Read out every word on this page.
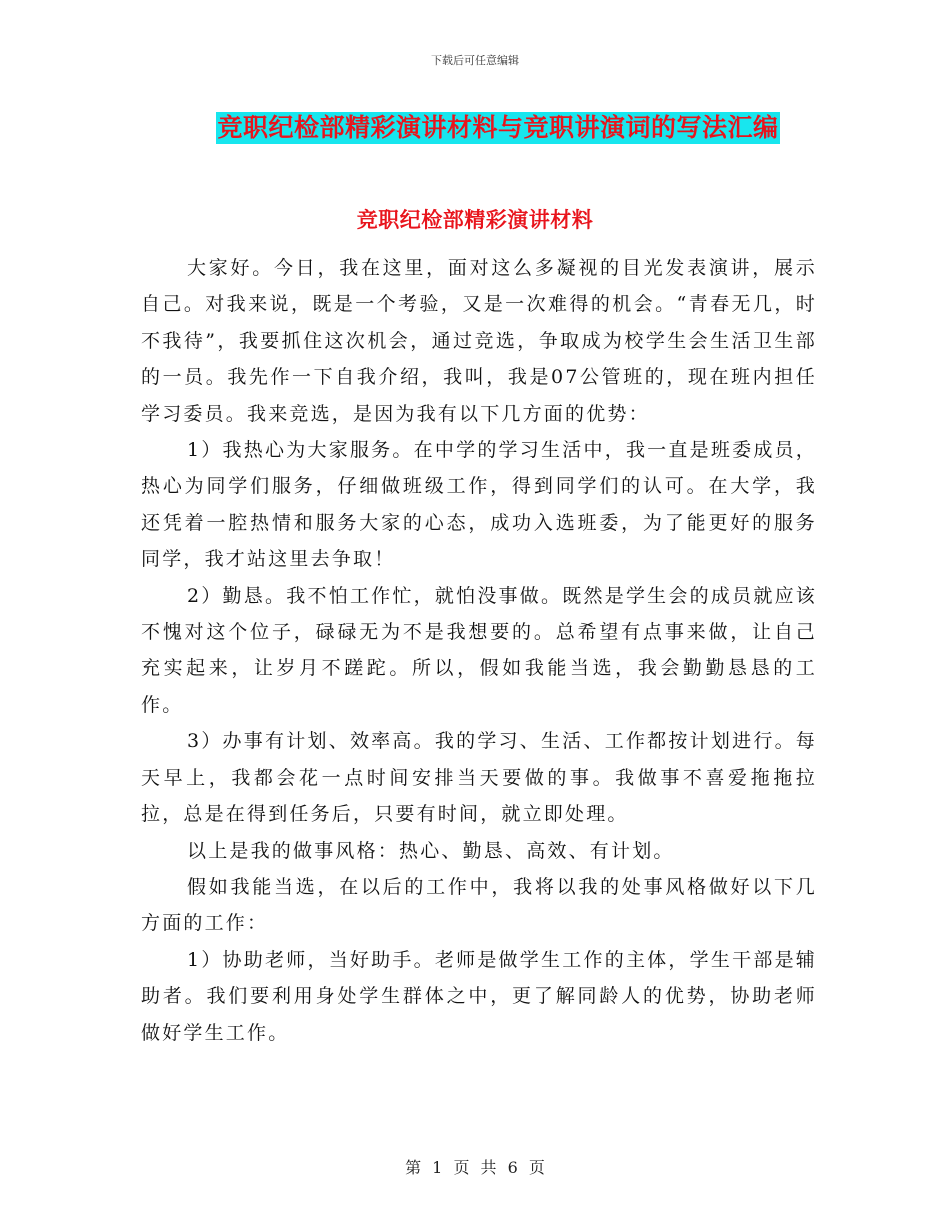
下载后可任意编辑
竞职纪检部精彩演讲材料与竞职讲演词的写法汇编
竞职纪检部精彩演讲材料

大家好。今日，我在这里，面对这么多凝视的目光发表演讲，展示自己。对我来说，既是一个考验，又是一次难得的机会。“青春无几，时不我待”，我要抓住这次机会，通过竞选，争取成为校学生会生活卫生部的一员。我先作一下自我介绍，我叫，我是07公管班的，现在班内担任学习委员。我来竞选，是因为我有以下几方面的优势：

1）我热心为大家服务。在中学的学习生活中，我一直是班委成员，热心为同学们服务，仔细做班级工作，得到同学们的认可。在大学，我还凭着一腔热情和服务大家的心态，成功入选班委，为了能更好的服务同学，我才站这里去争取！

2）勤恳。我不怕工作忙，就怕没事做。既然是学生会的成员就应该不愧对这个位子，碌碌无为不是我想要的。总希望有点事来做，让自己充实起来，让岁月不蹉跎。所以，假如我能当选，我会勤勤恳恳的工作。

3）办事有计划、效率高。我的学习、生活、工作都按计划进行。每天早上，我都会花一点时间安排当天要做的事。我做事不喜爱拖拖拉拉，总是在得到任务后，只要有时间，就立即处理。

以上是我的做事风格：热心、勤恳、高效、有计划。

假如我能当选，在以后的工作中，我将以我的处事风格做好以下几方面的工作：

1）协助老师，当好助手。老师是做学生工作的主体，学生干部是辅助者。我们要利用身处学生群体之中，更了解同龄人的优势，协助老师做好学生工作。

第 1 页 共 6 页
